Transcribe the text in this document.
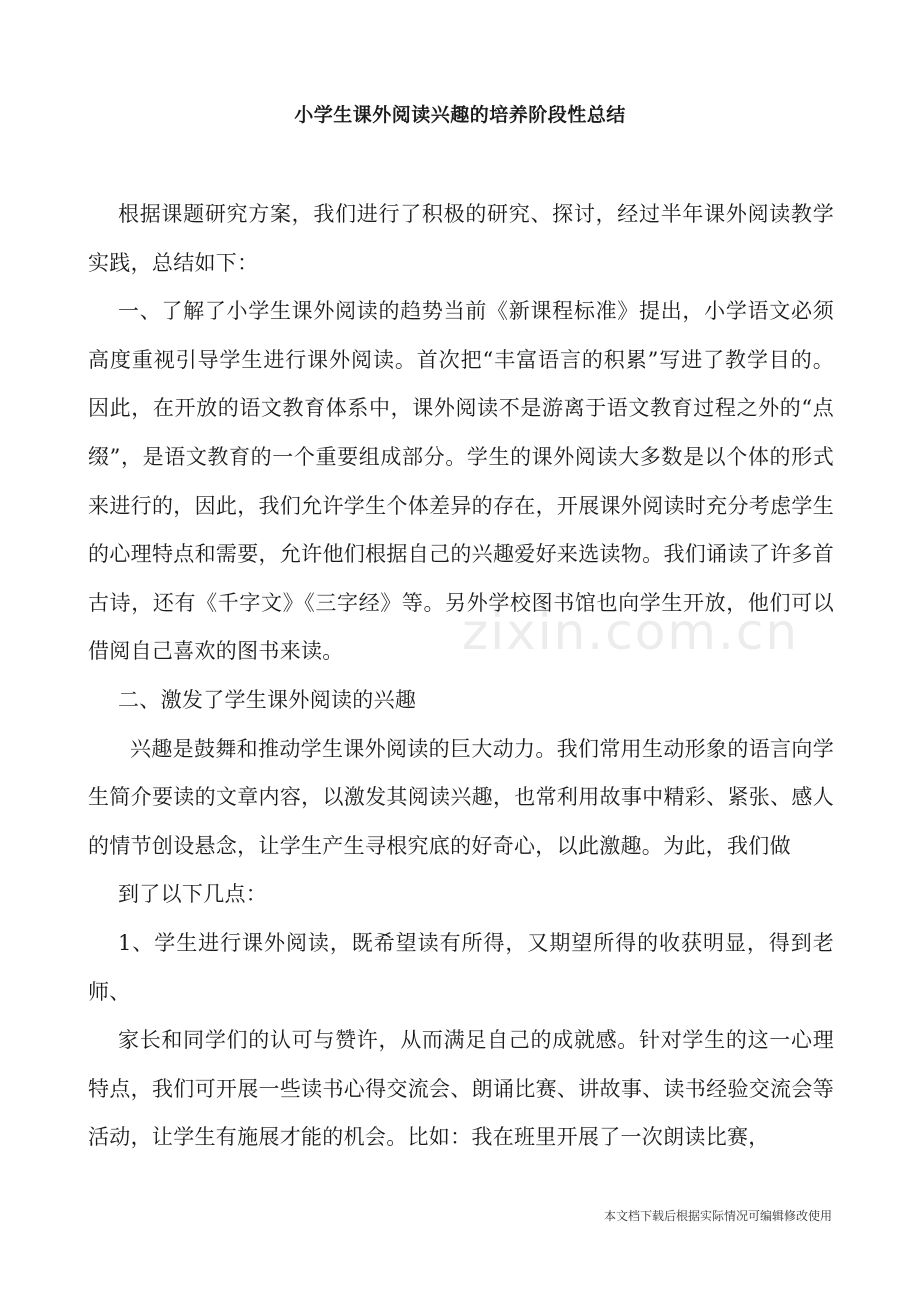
小学生课外阅读兴趣的培养阶段性总结

根据课题研究方案，我们进行了积极的研究、探讨，经过半年课外阅读教学实践，总结如下：

一、了解了小学生课外阅读的趋势当前《新课程标准》提出，小学语文必须高度重视引导学生进行课外阅读。首次把“丰富语言的积累”写进了教学目的。因此，在开放的语文教育体系中，课外阅读不是游离于语文教育过程之外的“点缀”，是语文教育的一个重要组成部分。学生的课外阅读大多数是以个体的形式来进行的，因此，我们允许学生个体差异的存在，开展课外阅读时充分考虑学生的心理特点和需要，允许他们根据自己的兴趣爱好来选读物。我们诵读了许多首古诗，还有《千字文》《三字经》等。另外学校图书馆也向学生开放，他们可以借阅自己喜欢的图书来读。

二、激发了学生课外阅读的兴趣

兴趣是鼓舞和推动学生课外阅读的巨大动力。我们常用生动形象的语言向学生简介要读的文章内容，以激发其阅读兴趣，也常利用故事中精彩、紧张、感人的情节创设悬念，让学生产生寻根究底的好奇心，以此激趣。为此，我们做

到了以下几点：

1、学生进行课外阅读，既希望读有所得，又期望所得的收获明显，得到老师、

家长和同学们的认可与赞许，从而满足自己的成就感。针对学生的这一心理特点，我们可开展一些读书心得交流会、朗诵比赛、讲故事、读书经验交流会等活动，让学生有施展才能的机会。比如：我在班里开展了一次朗读比赛，

zixin.com.cn
本文档下载后根据实际情况可编辑修改使用
